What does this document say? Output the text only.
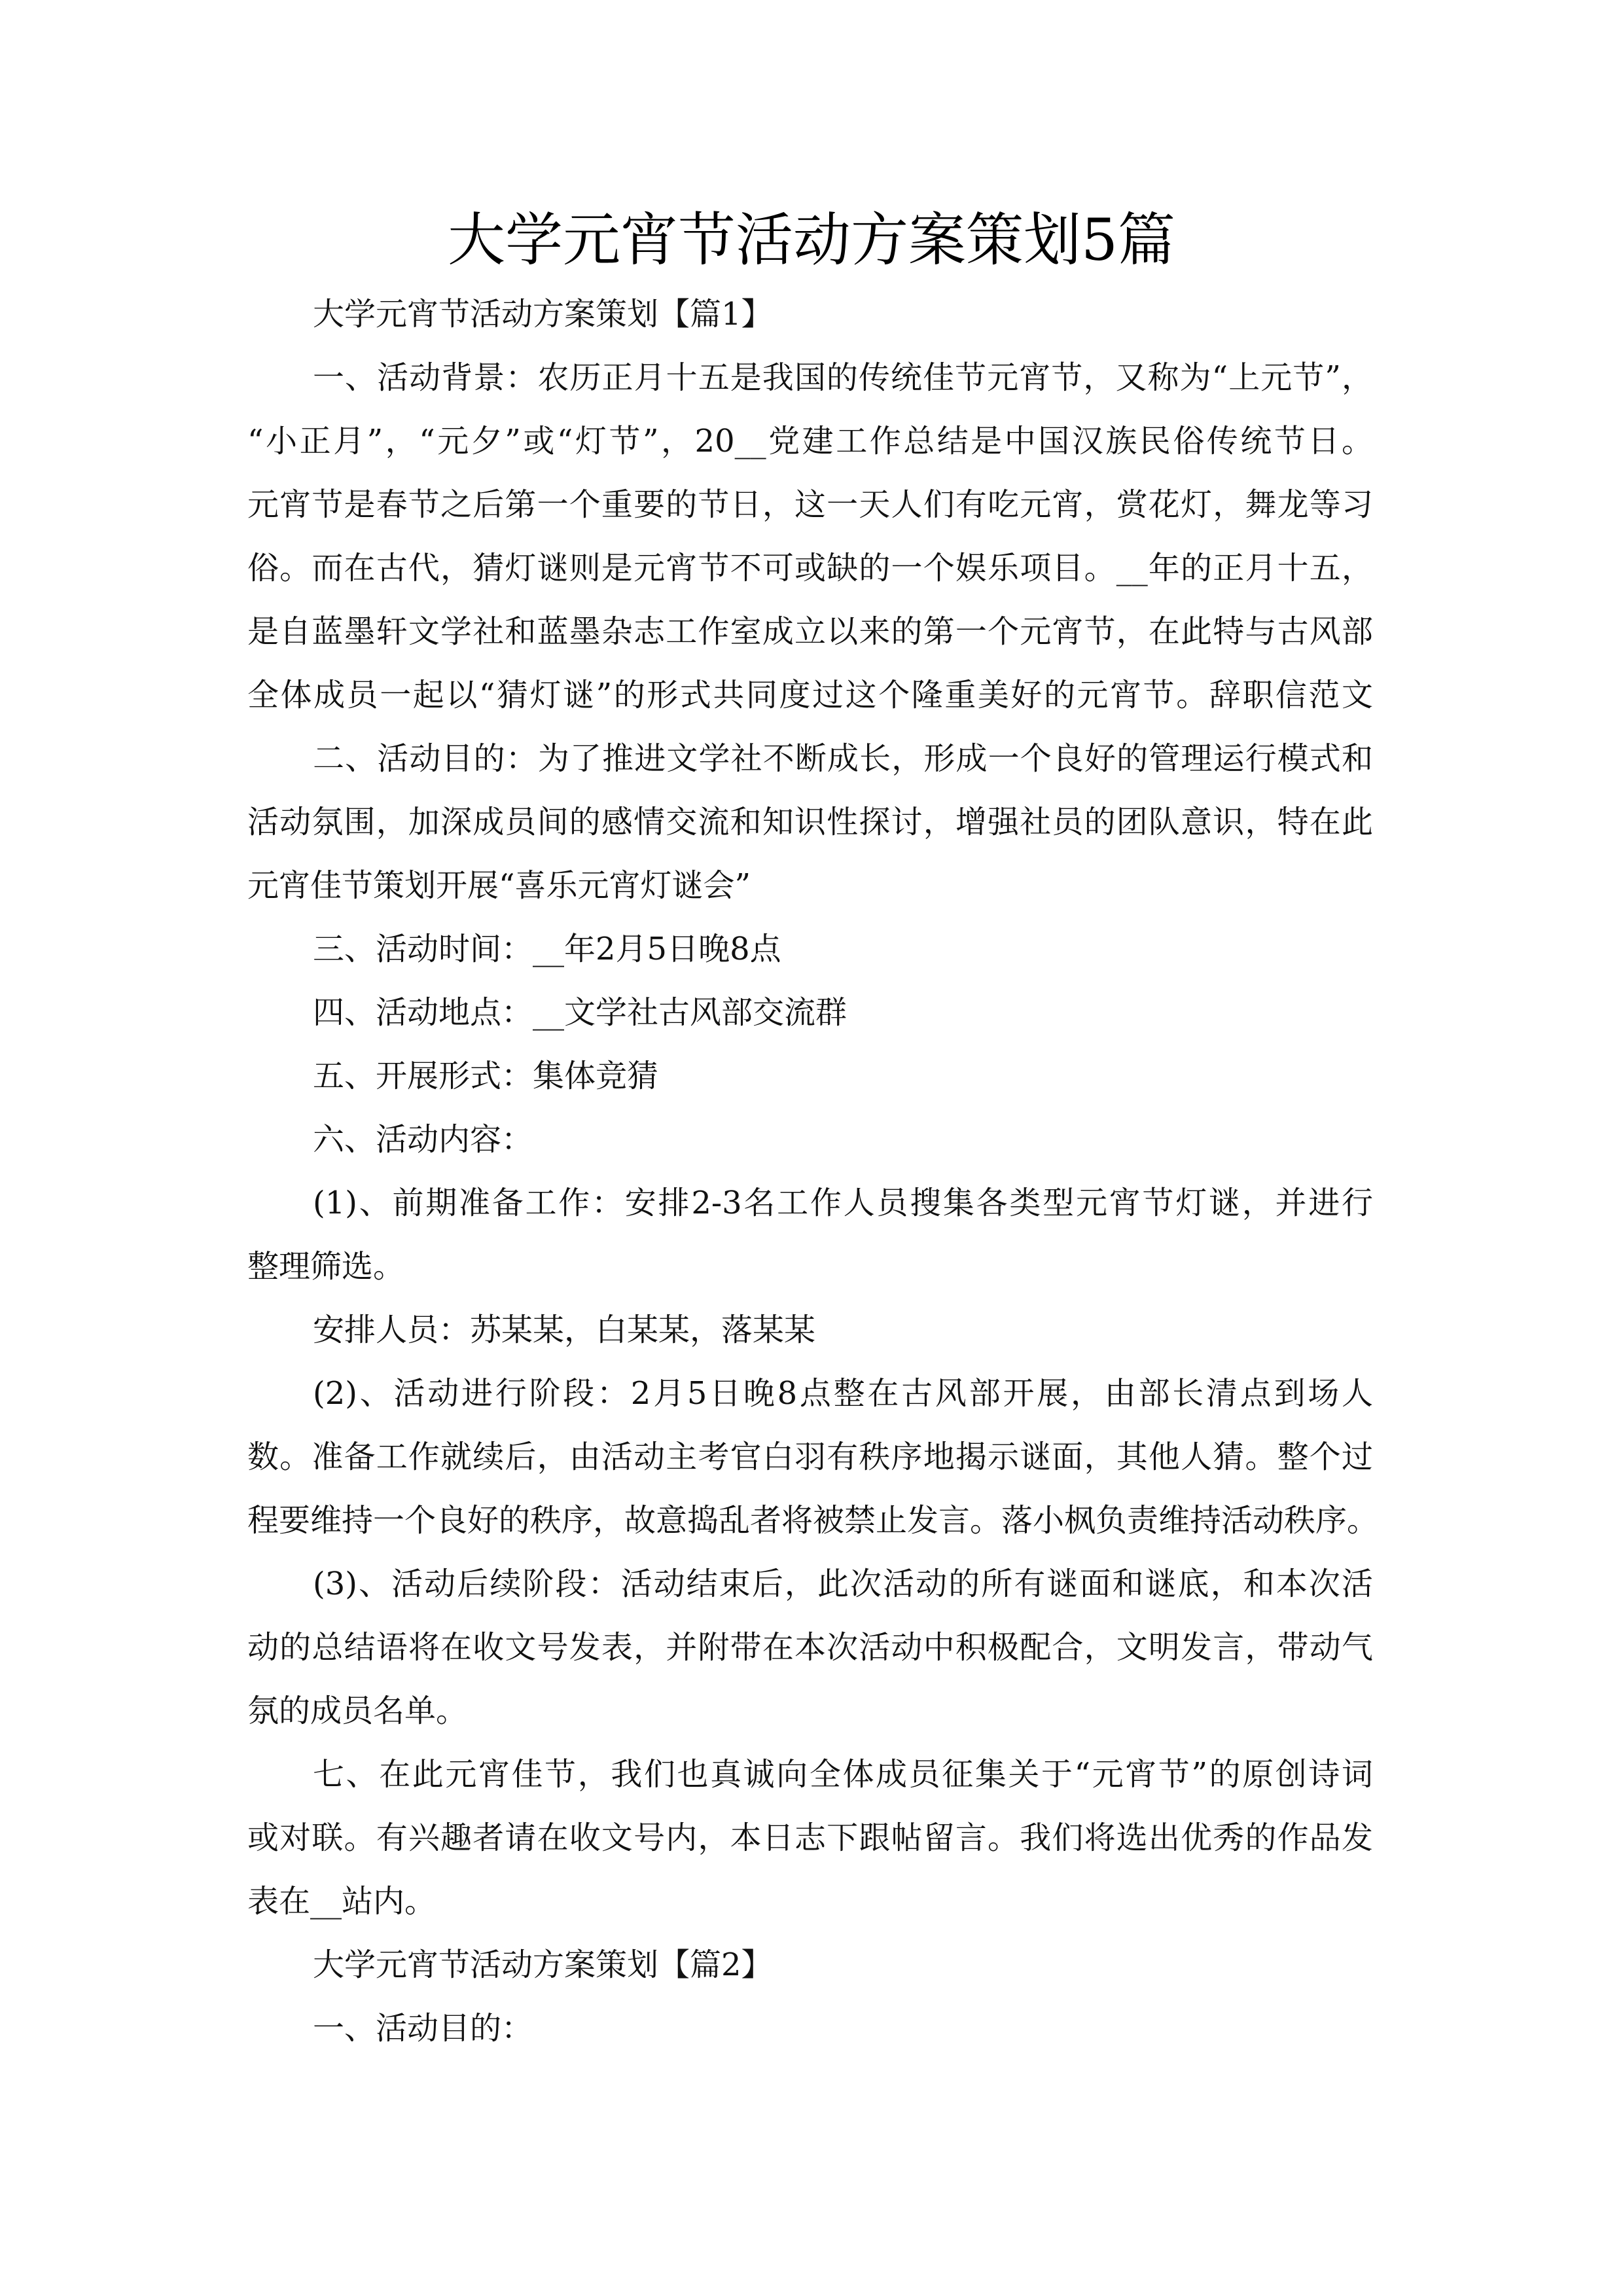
大学元宵节活动方案策划5篇
大学元宵节活动方案策划【篇1】
一、活动背景：农历正月十五是我国的传统佳节元宵节，又称为“上元节”，
“小正月”，“元夕”或“灯节”，20__党建工作总结是中国汉族民俗传统节日。
元宵节是春节之后第一个重要的节日，这一天人们有吃元宵，赏花灯，舞龙等习
俗。而在古代，猜灯谜则是元宵节不可或缺的一个娱乐项目。__年的正月十五，
是自蓝墨轩文学社和蓝墨杂志工作室成立以来的第一个元宵节，在此特与古风部
全体成员一起以“猜灯谜”的形式共同度过这个隆重美好的元宵节。辞职信范文
二、活动目的：为了推进文学社不断成长，形成一个良好的管理运行模式和
活动氛围，加深成员间的感情交流和知识性探讨，增强社员的团队意识，特在此
元宵佳节策划开展“喜乐元宵灯谜会”
三、活动时间：__年2月5日晚8点
四、活动地点：__文学社古风部交流群
五、开展形式：集体竞猜
六、活动内容：
(1)、前期准备工作：安排2-3名工作人员搜集各类型元宵节灯谜，并进行
整理筛选。
安排人员：苏某某，白某某，落某某
(2)、活动进行阶段：2月5日晚8点整在古风部开展，由部长清点到场人
数。准备工作就续后，由活动主考官白羽有秩序地揭示谜面，其他人猜。整个过
程要维持一个良好的秩序，故意捣乱者将被禁止发言。落小枫负责维持活动秩序。
(3)、活动后续阶段：活动结束后，此次活动的所有谜面和谜底，和本次活
动的总结语将在收文号发表，并附带在本次活动中积极配合，文明发言，带动气
氛的成员名单。
七、在此元宵佳节，我们也真诚向全体成员征集关于“元宵节”的原创诗词
或对联。有兴趣者请在收文号内，本日志下跟帖留言。我们将选出优秀的作品发
表在__站内。
大学元宵节活动方案策划【篇2】
一、活动目的：
